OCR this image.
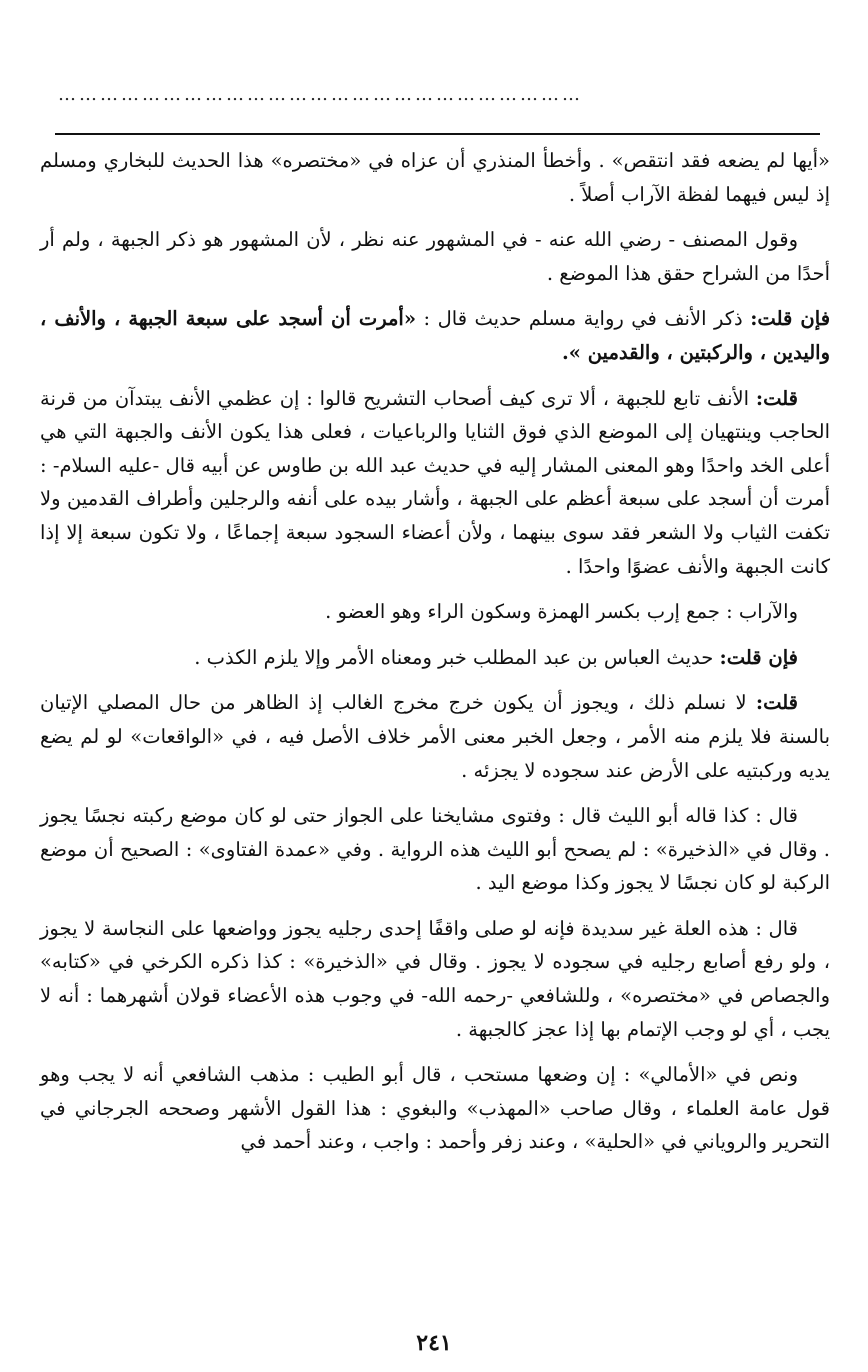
…………………………………………………………………

«أيها لم يضعه فقد انتقص» . وأخطأ المنذري أن عزاه في «مختصره» هذا الحديث للبخاري ومسلم إذ ليس فيهما لفظة الآراب أصلاً .

وقول المصنف - رضي الله عنه - في المشهور عنه نظر ، لأن المشهور هو ذكر الجبهة ، ولم أر أحدًا من الشراح حقق هذا الموضع .

فإن قلت: ذكر الأنف في رواية مسلم حديث قال : «أمرت أن أسجد على سبعة الجبهة ، والأنف ، واليدين ، والركبتين ، والقدمين ».

قلت: الأنف تابع للجبهة ، ألا ترى كيف أصحاب التشريح قالوا : إن عظمي الأنف يبتدآن من قرنة الحاجب وينتهيان إلى الموضع الذي فوق الثنايا والرباعيات ، فعلى هذا يكون الأنف والجبهة التي هي أعلى الخد واحدًا وهو المعنى المشار إليه في حديث عبد الله بن طاوس عن أبيه قال -عليه السلام- : أمرت أن أسجد على سبعة أعظم على الجبهة ، وأشار بيده على أنفه والرجلين وأطراف القدمين ولا تكفت الثياب ولا الشعر فقد سوى بينهما ، ولأن أعضاء السجود سبعة إجماعًا ، ولا تكون سبعة إلا إذا كانت الجبهة والأنف عضوًا واحدًا .

والآراب : جمع إرب بكسر الهمزة وسكون الراء وهو العضو .

فإن قلت: حديث العباس بن عبد المطلب خبر ومعناه الأمر وإلا يلزم الكذب .

قلت: لا نسلم ذلك ، ويجوز أن يكون خرج مخرج الغالب إذ الظاهر من حال المصلي الإتيان بالسنة فلا يلزم منه الأمر ، وجعل الخبر معنى الأمر خلاف الأصل فيه ، في «الواقعات» لو لم يضع يديه وركبتيه على الأرض عند سجوده لا يجزئه .

قال : كذا قاله أبو الليث قال : وفتوى مشايخنا على الجواز حتى لو كان موضع ركبته نجسًا يجوز . وقال في «الذخيرة» : لم يصحح أبو الليث هذه الرواية . وفي «عمدة الفتاوى» : الصحيح أن موضع الركبة لو كان نجسًا لا يجوز وكذا موضع اليد .

قال : هذه العلة غير سديدة فإنه لو صلى واقفًا إحدى رجليه يجوز وواضعها على النجاسة لا يجوز ، ولو رفع أصابع رجليه في سجوده لا يجوز . وقال في «الذخيرة» : كذا ذكره الكرخي في «كتابه» والجصاص في «مختصره» ، وللشافعي -رحمه الله- في وجوب هذه الأعضاء قولان أشهرهما : أنه لا يجب ، أي لو وجب الإتمام بها إذا عجز كالجبهة .

ونص في «الأمالي» : إن وضعها مستحب ، قال أبو الطيب : مذهب الشافعي أنه لا يجب وهو قول عامة العلماء ، وقال صاحب «المهذب» والبغوي : هذا القول الأشهر وصححه الجرجاني في التحرير والروياني في «الحلية» ، وعند زفر وأحمد : واجب ، وعند أحمد في

٢٤١
